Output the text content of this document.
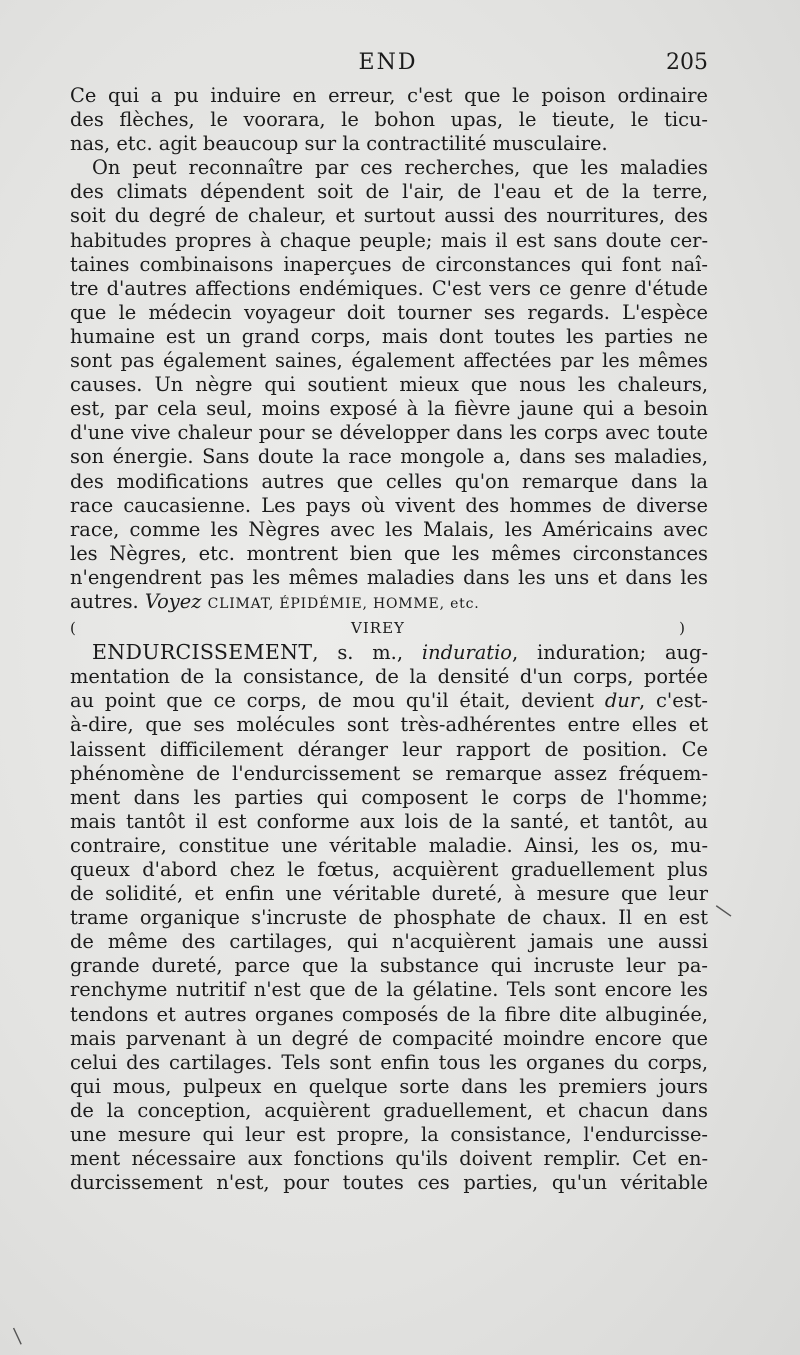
END	205

Ce qui a pu induire en erreur, c'est que le poison ordinaire
des flèches, le voorara, le bohon upas, le tieute, le ticu-
nas, etc. agit beaucoup sur la contractilité musculaire.

On peut reconnaître par ces recherches, que les maladies
des climats dépendent soit de l'air, de l'eau et de la terre,
soit du degré de chaleur, et surtout aussi des nourritures, des
habitudes propres à chaque peuple; mais il est sans doute cer-
taines combinaisons inaperçues de circonstances qui font naî-
tre d'autres affections endémiques. C'est vers ce genre d'étude
que le médecin voyageur doit tourner ses regards. L'espèce
humaine est un grand corps, mais dont toutes les parties ne
sont pas également saines, également affectées par les mêmes
causes. Un nègre qui soutient mieux que nous les chaleurs,
est, par cela seul, moins exposé à la fièvre jaune qui a besoin
d'une vive chaleur pour se développer dans les corps avec toute
son énergie. Sans doute la race mongole a, dans ses maladies,
des modifications autres que celles qu'on remarque dans la
race caucasienne. Les pays où vivent des hommes de diverse
race, comme les Nègres avec les Malais, les Américains avec
les Nègres, etc. montrent bien que les mêmes circonstances
n'engendrent pas les mêmes maladies dans les uns et dans les
autres. Voyez CLIMAT, ÉPIDÉMIE, HOMME, etc.
( VIREY )

ENDURCISSEMENT, s. m., induratio, induration; aug-
mentation de la consistance, de la densité d'un corps, portée
au point que ce corps, de mou qu'il était, devient dur, c'est-
à-dire, que ses molécules sont très-adhérentes entre elles et
laissent difficilement déranger leur rapport de position. Ce
phénomène de l'endurcissement se remarque assez fréquem-
ment dans les parties qui composent le corps de l'homme;
mais tantôt il est conforme aux lois de la santé, et tantôt, au
contraire, constitue une véritable maladie. Ainsi, les os, mu-
queux d'abord chez le fœtus, acquièrent graduellement plus
de solidité, et enfin une véritable dureté, à mesure que leur
trame organique s'incruste de phosphate de chaux. Il en est
de même des cartilages, qui n'acquièrent jamais une aussi
grande dureté, parce que la substance qui incruste leur pa-
renchyme nutritif n'est que de la gélatine. Tels sont encore les
tendons et autres organes composés de la fibre dite albuginée,
mais parvenant à un degré de compacité moindre encore que
celui des cartilages. Tels sont enfin tous les organes du corps,
qui mous, pulpeux en quelque sorte dans les premiers jours
de la conception, acquièrent graduellement, et chacun dans
une mesure qui leur est propre, la consistance, l'endurcisse-
ment nécessaire aux fonctions qu'ils doivent remplir. Cet en-
durcissement n'est, pour toutes ces parties, qu'un véritable

|
|
